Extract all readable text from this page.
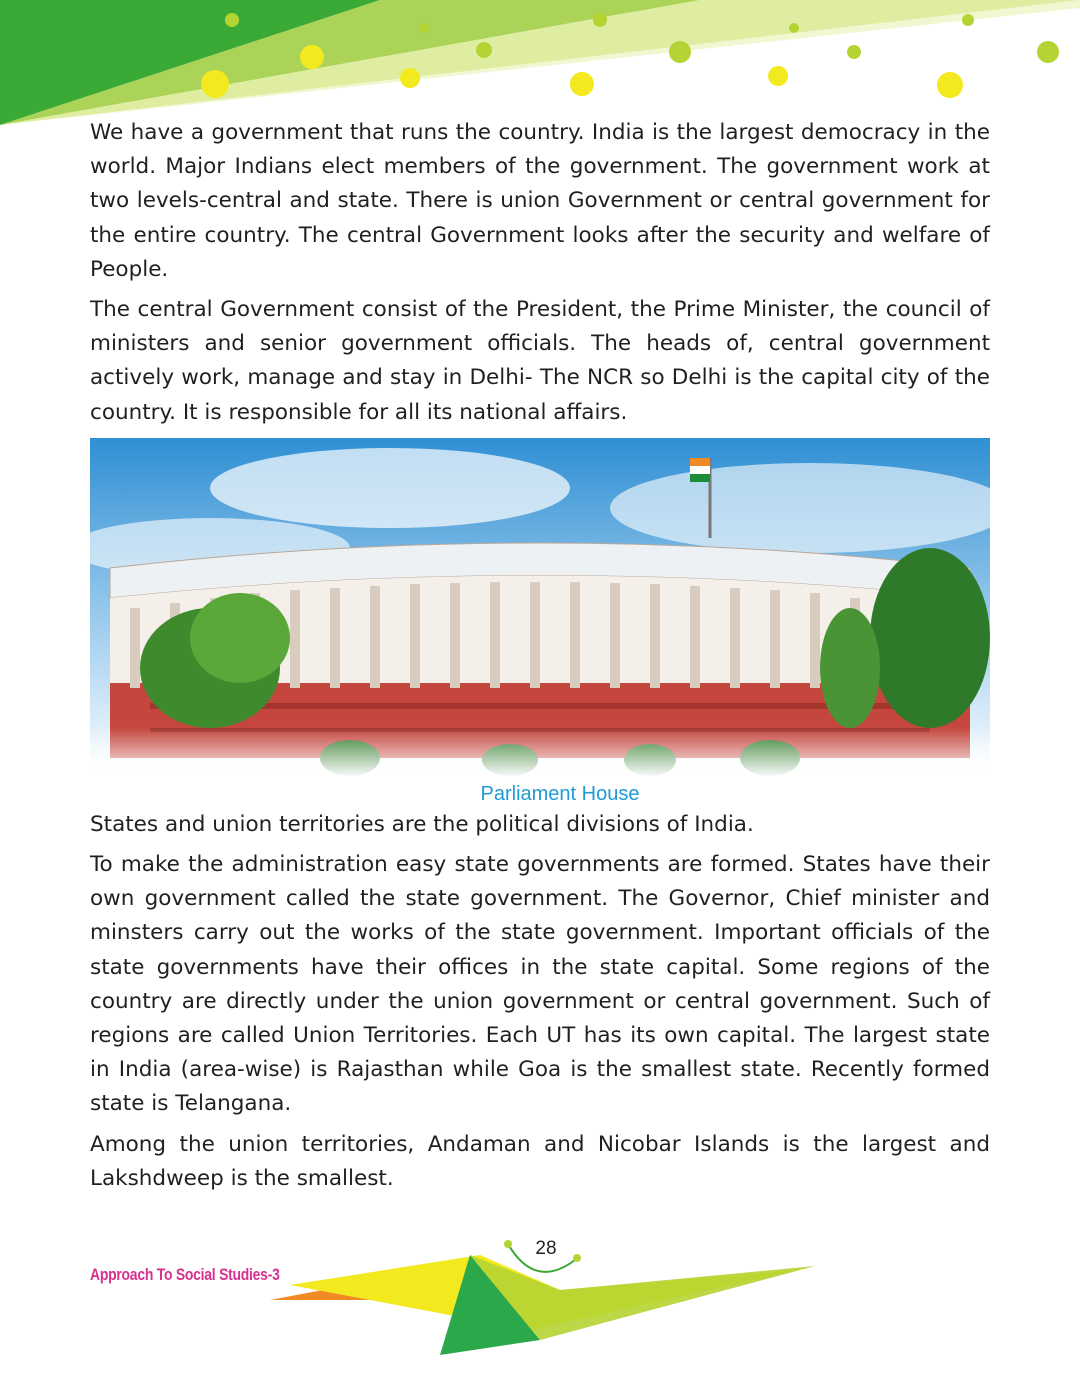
We have a government that runs the country. India is the largest democracy in the world. Major Indians elect members of the government. The government work at two levels-central and state. There is union Government or central government for the entire country. The central Government looks after the security and welfare of People.

The central Government consist of the President, the Prime Minister, the council of ministers and senior government officials. The heads of, central government actively work, manage and stay in Delhi- The NCR so Delhi is the capital city of the country. It is responsible for all its national affairs.

Parliament House

States and union territories are the political divisions of India.

To make the administration easy state governments are formed. States have their own government called the state government. The Governor, Chief minister and minsters carry out the works of the state government. Important officials of the state governments have their offices in the state capital. Some regions of the country are directly under the union government or central government. Such of regions are called Union Territories. Each UT has its own capital. The largest state in India (area-wise) is Rajasthan while Goa is the smallest state. Recently formed state is Telangana.

Among the union territories, Andaman and Nicobar Islands is the largest and Lakshdweep is the smallest.

28
Approach To Social Studies-3
